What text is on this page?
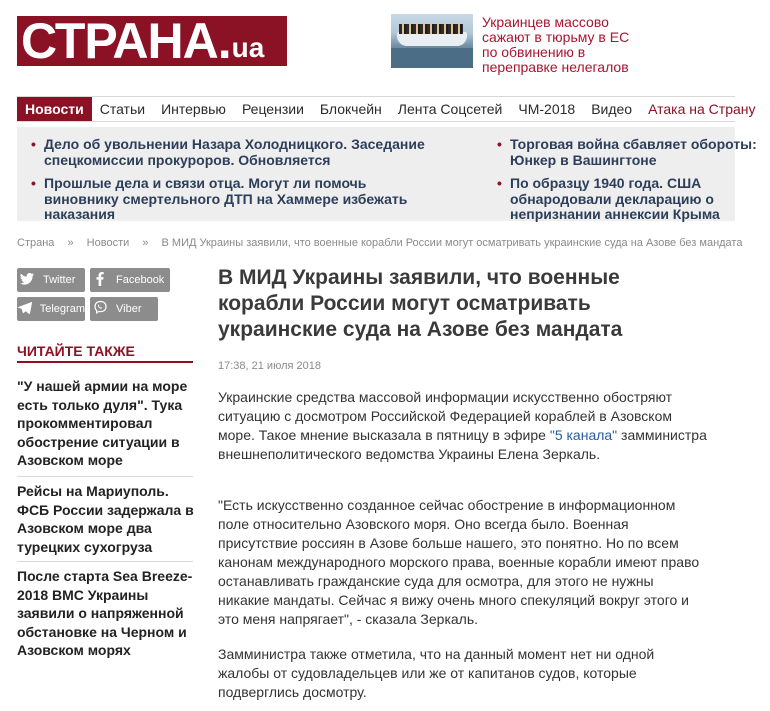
СТРАНА . ua
Украинцев массово сажают в тюрьму в ЕС по обвинению в переправке нелегалов
Новости	Статьи	Интервью	Рецензии	Блокчейн	Лента Соцсетей	ЧМ-2018	Видео	Атака на Страну
• Дело об увольнении Назара Холодницкого. Заседание спецкомиссии прокуроров. Обновляется
• Прошлые дела и связи отца. Могут ли помочь виновнику смертельного ДТП на Хаммере избежать наказания
• Торговая война сбавляет обороты: Юнкер в Вашингтоне
• По образцу 1940 года. США обнародовали декларацию о непризнании аннексии Крыма
Страна » Новости » В МИД Украины заявили, что военные корабли России могут осматривать украинские суда на Азове без мандата
Twitter	Facebook
Telegram	Viber
ЧИТАЙТЕ ТАКЖЕ
"У нашей армии на море есть только дуля". Тука прокомментировал обострение ситуации в Азовском море
Рейсы на Мариуполь. ФСБ России задержала в Азовском море два турецких сухогруза
После старта Sea Breeze-2018 ВМС Украины заявили о напряженной обстановке на Черном и Азовском морях
В МИД Украины заявили, что военные корабли России могут осматривать украинские суда на Азове без мандата
17:38, 21 июля 2018

Украинские средства массовой информации искусственно обостряют ситуацию с досмотром Российской Федерацией кораблей в Азовском море. Такое мнение высказала в пятницу в эфире "5 канала" замминистра внешнеполитического ведомства Украины Елена Зеркаль.

"Есть искусственно созданное сейчас обострение в информационном поле относительно Азовского моря. Оно всегда было. Военная присутствие россиян в Азове больше нашего, это понятно. Но по всем канонам международного морского права, военные корабли имеют право останавливать гражданские суда для осмотра, для этого не нужны никакие мандаты. Сейчас я вижу очень много спекуляций вокруг этого и это меня напрягает", - сказала Зеркаль.

Замминистра также отметила, что на данный момент нет ни одной жалобы от судовладельцев или же от капитанов судов, которые подверглись досмотру.
